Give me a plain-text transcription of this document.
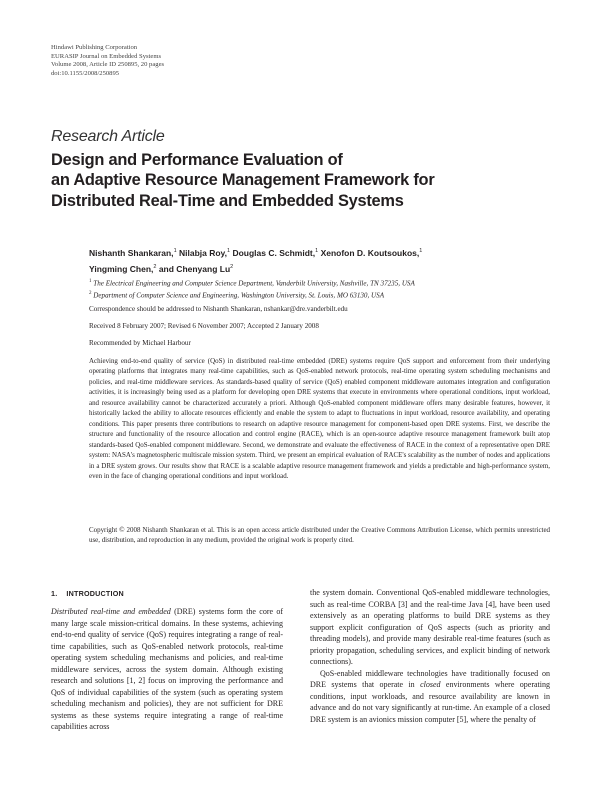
Hindawi Publishing Corporation
EURASIP Journal on Embedded Systems
Volume 2008, Article ID 250895, 20 pages
doi:10.1155/2008/250895
Research Article
Design and Performance Evaluation of
an Adaptive Resource Management Framework for
Distributed Real-Time and Embedded Systems
Nishanth Shankaran,$^1$ Nilabja Roy,$^1$ Douglas C. Schmidt,$^1$ Xenofon D. Koutsoukos,$^1$
Yingming Chen,$^2$ and Chenyang Lu$^2$
$^1$ The Electrical Engineering and Computer Science Department, Vanderbilt University, Nashville, TN 37235, USA
$^2$ Department of Computer Science and Engineering, Washington University, St. Louis, MO 63130, USA
Correspondence should be addressed to Nishanth Shankaran, nshankar@dre.vanderbilt.edu
Received 8 February 2007; Revised 6 November 2007; Accepted 2 January 2008
Recommended by Michael Harbour
Achieving end-to-end quality of service (QoS) in distributed real-time embedded (DRE) systems require QoS support and enforcement from their underlying operating platforms that integrates many real-time capabilities, such as QoS-enabled network protocols, real-time operating system scheduling mechanisms and policies, and real-time middleware services. As standards-based quality of service (QoS) enabled component middleware automates integration and configuration activities, it is increasingly being used as a platform for developing open DRE systems that execute in environments where operational conditions, input workload, and resource availability cannot be characterized accurately a priori. Although QoS-enabled component middleware offers many desirable features, however, it historically lacked the ability to allocate resources efficiently and enable the system to adapt to fluctuations in input workload, resource availability, and operating conditions. This paper presents three contributions to research on adaptive resource management for component-based open DRE systems. First, we describe the structure and functionality of the resource allocation and control engine (RACE), which is an open-source adaptive resource management framework built atop standards-based QoS-enabled component middleware. Second, we demonstrate and evaluate the effectiveness of RACE in the context of a representative open DRE system: NASA's magnetospheric multiscale mission system. Third, we present an empirical evaluation of RACE's scalability as the number of nodes and applications in a DRE system grows. Our results show that RACE is a scalable adaptive resource management framework and yields a predictable and high-performance system, even in the face of changing operational conditions and input workload.
Copyright © 2008 Nishanth Shankaran et al. This is an open access article distributed under the Creative Commons Attribution License, which permits unrestricted use, distribution, and reproduction in any medium, provided the original work is properly cited.
1. INTRODUCTION

Distributed real-time and embedded (DRE) systems form the core of many large scale mission-critical domains. In these systems, achieving end-to-end quality of service (QoS) requires integrating a range of real-time capabilities, such as QoS-enabled network protocols, real-time operating system scheduling mechanisms and policies, and real-time middleware services, across the system domain. Although existing research and solutions [1, 2] focus on improving the performance and QoS of individual capabilities of the system (such as operating system scheduling mechanism and policies), they are not sufficient for DRE systems as these systems require integrating a range of real-time capabilities across

the system domain. Conventional QoS-enabled middleware technologies, such as real-time CORBA [3] and the real-time Java [4], have been used extensively as an operating platforms to build DRE systems as they support explicit configuration of QoS aspects (such as priority and threading models), and provide many desirable real-time features (such as priority propagation, scheduling services, and explicit binding of network connections).

QoS-enabled middleware technologies have traditionally focused on DRE systems that operate in closed environments where operating conditions, input workloads, and resource availability are known in advance and do not vary significantly at run-time. An example of a closed DRE system is an avionics mission computer [5], where the penalty of
